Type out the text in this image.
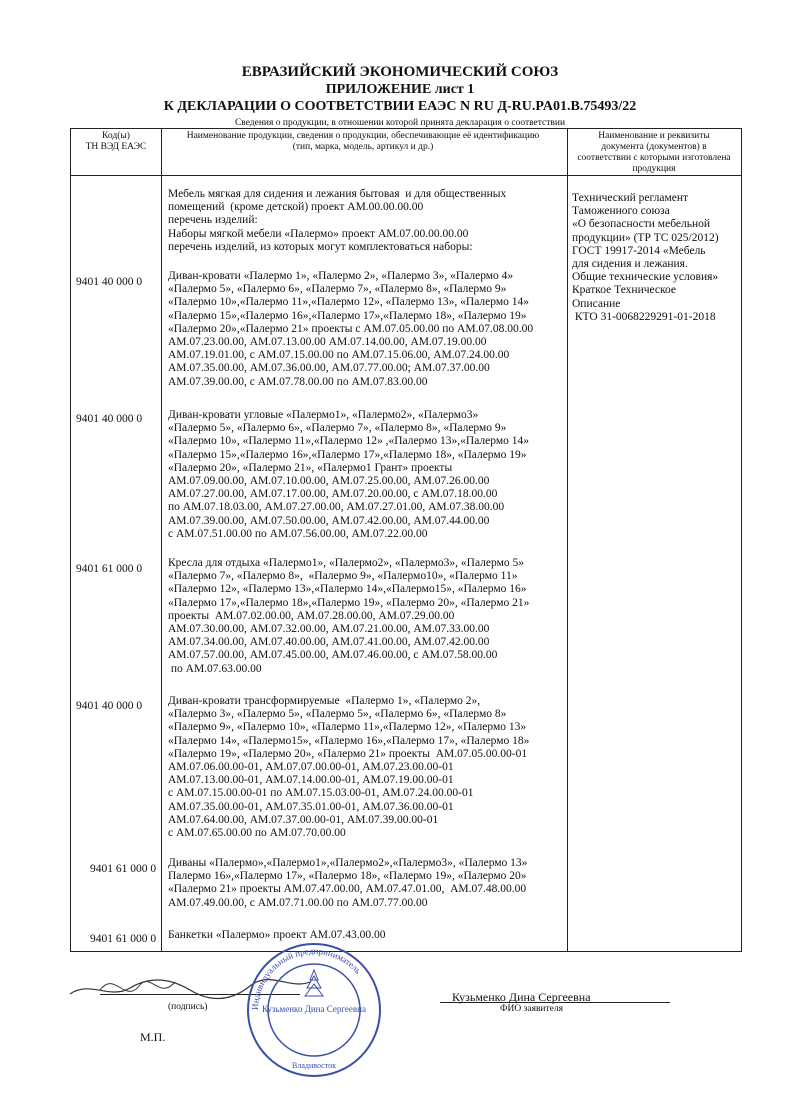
ЕВРАЗИЙСКИЙ ЭКОНОМИЧЕСКИЙ СОЮЗ
ПРИЛОЖЕНИЕ лист 1
К ДЕКЛАРАЦИИ О СООТВЕТСТВИИ ЕАЭС N RU Д-RU.PA01.B.75493/22
Сведения о продукции, в отношении которой принята декларация о соответствии
Код(ы)
ТН ВЭД ЕАЭС
Наименование продукции, сведения о продукции, обеспечивающие её идентификацию
(тип, марка, модель, артикул и др.)
Наименование и реквизиты
документа (документов) в
соответствии с которыми изготовлена
продукция
Мебель мягкая для сидения и лежания бытовая  и для общественных
помещений  (кроме детской) проект АМ.00.00.00.00
перечень изделий:
Наборы мягкой мебели «Палермо» проект АМ.07.00.00.00.00
перечень изделий, из которых могут комплектоваться наборы:
Технический регламент
Таможенного союза
«О безопасности мебельной
продукции» (ТР ТС 025/2012)
ГОСТ 19917-2014 «Мебель
для сидения и лежания.
Общие технические условия»
Краткое Техническое
Описание
КТО 31-0068229291-01-2018
9401 40 000 0 Диван-кровати «Палермо 1», «Палермо 2», «Палермо 3», «Палермо 4»
«Палермо 5», «Палермо 6», «Палермо 7», «Палермо 8», «Палермо 9»
«Палермо 10»,«Палермо 11»,«Палермо 12», «Палермо 13», «Палермо 14»
«Палермо 15»,«Палермо 16»,«Палермо 17»,«Палермо 18», «Палермо 19»
«Палермо 20»,«Палермо 21» проекты с АМ.07.05.00.00 по АМ.07.08.00.00
АМ.07.23.00.00, АМ.07.13.00.00 АМ.07.14.00.00, АМ.07.19.00.00
АМ.07.19.01.00, с АМ.07.15.00.00 по АМ.07.15.06.00, АМ.07.24.00.00
АМ.07.35.00.00, АМ.07.36.00.00, АМ.07.77.00.00; АМ.07.37.00.00
АМ.07.39.00.00, с АМ.07.78.00.00 по АМ.07.83.00.00
9401 40 000 0 Диван-кровати угловые «Палермо1», «Палермо2», «Палермо3»
«Палермо 5», «Палермо 6», «Палермо 7», «Палермо 8», «Палермо 9»
«Палермо 10», «Палермо 11»,«Палермо 12» ,«Палермо 13»,«Палермо 14»
«Палермо 15»,«Палермо 16»,«Палермо 17»,«Палермо 18», «Палермо 19»
«Палермо 20», «Палермо 21», «Палермо1 Грант» проекты
АМ.07.09.00.00, АМ.07.10.00.00, АМ.07.25.00.00, АМ.07.26.00.00
АМ.07.27.00.00, АМ.07.17.00.00, АМ.07.20.00.00, с АМ.07.18.00.00
по АМ.07.18.03.00, АМ.07.27.00.00, АМ.07.27.01.00, АМ.07.38.00.00
АМ.07.39.00.00, АМ.07.50.00.00, АМ.07.42.00.00, АМ.07.44.00.00
с АМ.07.51.00.00 по АМ.07.56.00.00, АМ.07.22.00.00
9401 61 000 0 Кресла для отдыха «Палермо1», «Палермо2», «Палермо3», «Палермо 5»
«Палермо 7», «Палермо 8»,  «Палермо 9», «Палермо10», «Палермо 11»
«Палермо 12», «Палермо 13»,«Палермо 14»,«Палермо15», «Палермо 16»
«Палермо 17»,«Палермо 18»,«Палермо 19», «Палермо 20», «Палермо 21»
проекты  АМ.07.02.00.00, АМ.07.28.00.00, АМ.07.29.00.00
АМ.07.30.00.00, АМ.07.32.00.00, АМ.07.21.00.00, АМ.07.33.00.00
АМ.07.34.00.00, АМ.07.40.00.00, АМ.07.41.00.00, АМ.07.42.00.00
АМ.07.57.00.00, АМ.07.45.00.00, АМ.07.46.00.00, с АМ.07.58.00.00
по АМ.07.63.00.00
9401 40 000 0 Диван-кровати трансформируемые  «Палермо 1», «Палермо 2»,
«Палермо 3», «Палермо 5», «Палермо 5», «Палермо 6», «Палермо 8»
«Палермо 9», «Палермо 10», «Палермо 11»,«Палермо 12», «Палермо 13»
«Палермо 14», «Палермо15», «Палермо 16»,«Палермо 17», «Палермо 18»
«Палермо 19», «Палермо 20», «Палермо 21» проекты  АМ.07.05.00.00-01
АМ.07.06.00.00-01, АМ.07.07.00.00-01, АМ.07.23.00.00-01
АМ.07.13.00.00-01, АМ.07.14.00.00-01, АМ.07.19.00.00-01
с АМ.07.15.00.00-01 по АМ.07.15.03.00-01, АМ.07.24.00.00-01
АМ.07.35.00.00-01, АМ.07.35.01.00-01, АМ.07.36.00.00-01
АМ.07.64.00.00, АМ.07.37.00.00-01, АМ.07.39.00.00-01
с АМ.07.65.00.00 по АМ.07.70.00.00
9401 61 000 0 Диваны «Палермо»,«Палермо1»,«Палермо2»,«Палермо3», «Палермо 13»
Палермо 16»,«Палермо 17», «Палермо 18», «Палермо 19», «Палермо 20»
«Палермо 21» проекты АМ.07.47.00.00, АМ.07.47.01.00,  АМ.07.48.00.00
АМ.07.49.00.00, с АМ.07.71.00.00 по АМ.07.77.00.00
9401 61 000 0 Банкетки «Палермо» проект АМ.07.43.00.00
(подпись)
Кузьменко Дина Сергеевна
ФИО заявителя
М.П.
Индивидуальный предприниматель
Кузьменко Дина Сергеевна
Владивосток
